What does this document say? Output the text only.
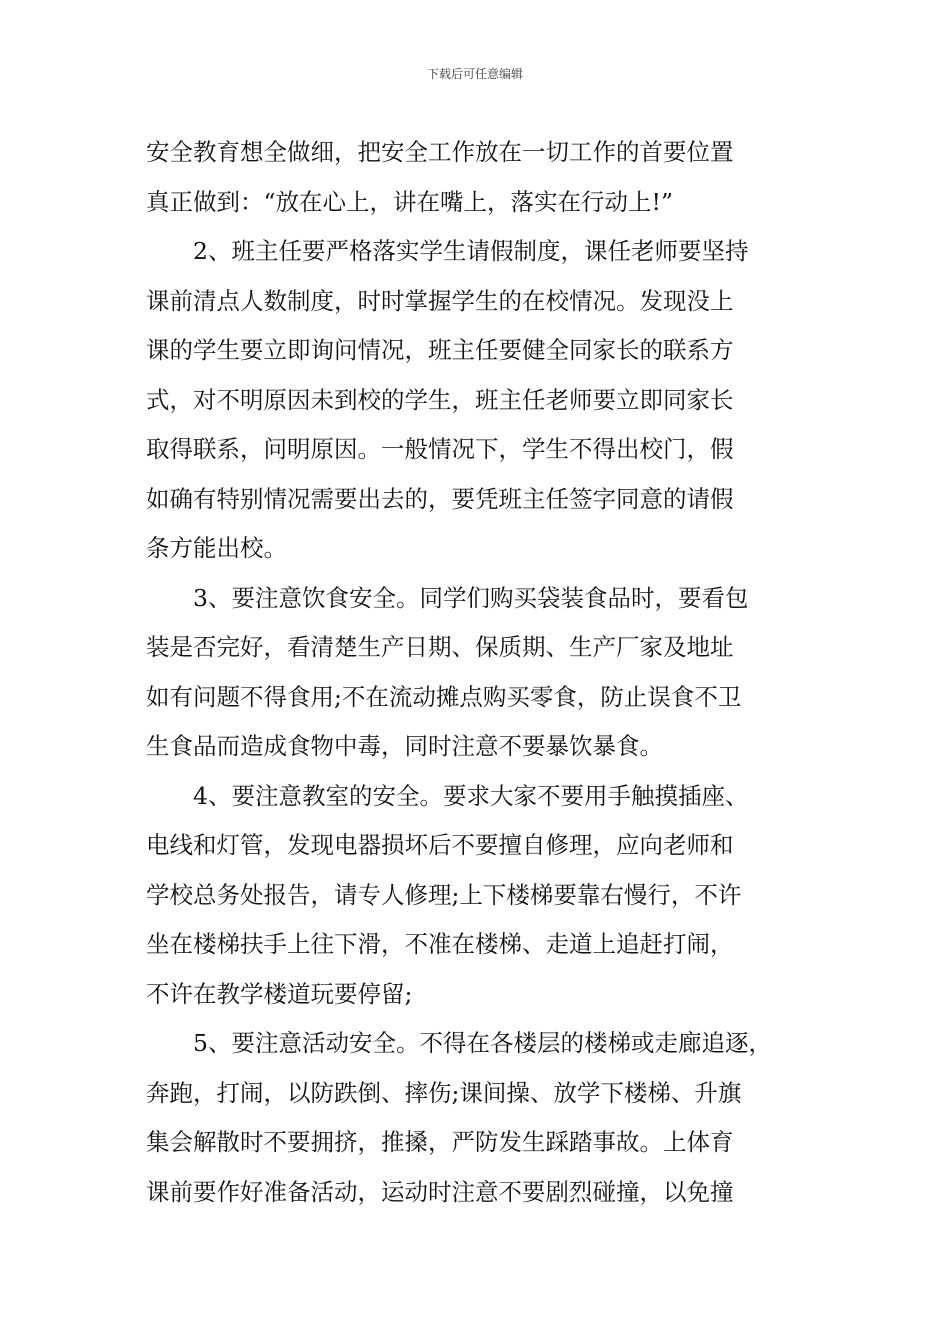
下载后可任意编辑
安全教育想全做细，把安全工作放在一切工作的首要位置
真正做到：“放在心上，讲在嘴上，落实在行动上!”
2、班主任要严格落实学生请假制度，课任老师要坚持
课前清点人数制度，时时掌握学生的在校情况。发现没上
课的学生要立即询问情况，班主任要健全同家长的联系方
式，对不明原因未到校的学生，班主任老师要立即同家长
取得联系，问明原因。一般情况下，学生不得出校门，假
如确有特别情况需要出去的，要凭班主任签字同意的请假
条方能出校。
3、要注意饮食安全。同学们购买袋装食品时，要看包
装是否完好，看清楚生产日期、保质期、生产厂家及地址
如有问题不得食用;不在流动摊点购买零食，防止误食不卫
生食品而造成食物中毒，同时注意不要暴饮暴食。
4、要注意教室的安全。要求大家不要用手触摸插座、
电线和灯管，发现电器损坏后不要擅自修理，应向老师和
学校总务处报告，请专人修理;上下楼梯要靠右慢行，不许
坐在楼梯扶手上往下滑，不准在楼梯、走道上追赶打闹，
不许在教学楼道玩要停留;
5、要注意活动安全。不得在各楼层的楼梯或走廊追逐，
奔跑，打闹，以防跌倒、摔伤;课间操、放学下楼梯、升旗
集会解散时不要拥挤，推搡，严防发生踩踏事故。上体育
课前要作好准备活动，运动时注意不要剧烈碰撞，以免撞
